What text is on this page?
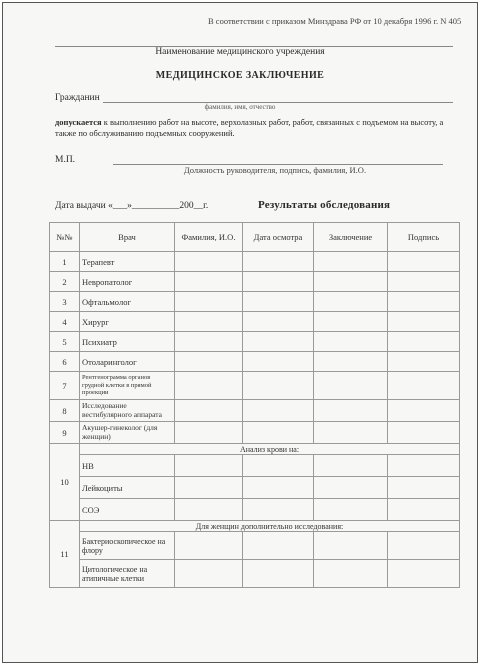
В соответствии с приказом Минздрава РФ от 10 декабря 1996 г. N 405
Наименование медицинского учреждения
МЕДИЦИНСКОЕ ЗАКЛЮЧЕНИЕ
Гражданин
фамилия, имя, отчество
допускается к выполнению работ на высоте, верхолазных работ, работ, связанных с подъемом на высоту, а также по обслуживанию подъемных сооружений.
М.П.
Должность руководителя, подпись, фамилия, И.О.
Дата выдачи «___»__________200__г.	Результаты обследования
№№	Врач	Фамилия, И.О.	Дата осмотра	Заключение	Подпись
1	Терапевт				
2	Невропатолог				
3	Офтальмолог				
4	Хирург				
5	Психиатр				
6	Отоларинголог				
7	Рентгенограмма органов грудной клетки в прямой проекции				
8	Исследование вестибулярного аппарата				
9	Акушер-гинеколог (для женщин)				
10	Анализ крови на:				
	HB				
	Лейкоциты				
	СОЭ				
11	Для женщин дополнительно исследования:				
	Бактериоскопическое на флору				
	Цитологическое на атипичные клетки				
